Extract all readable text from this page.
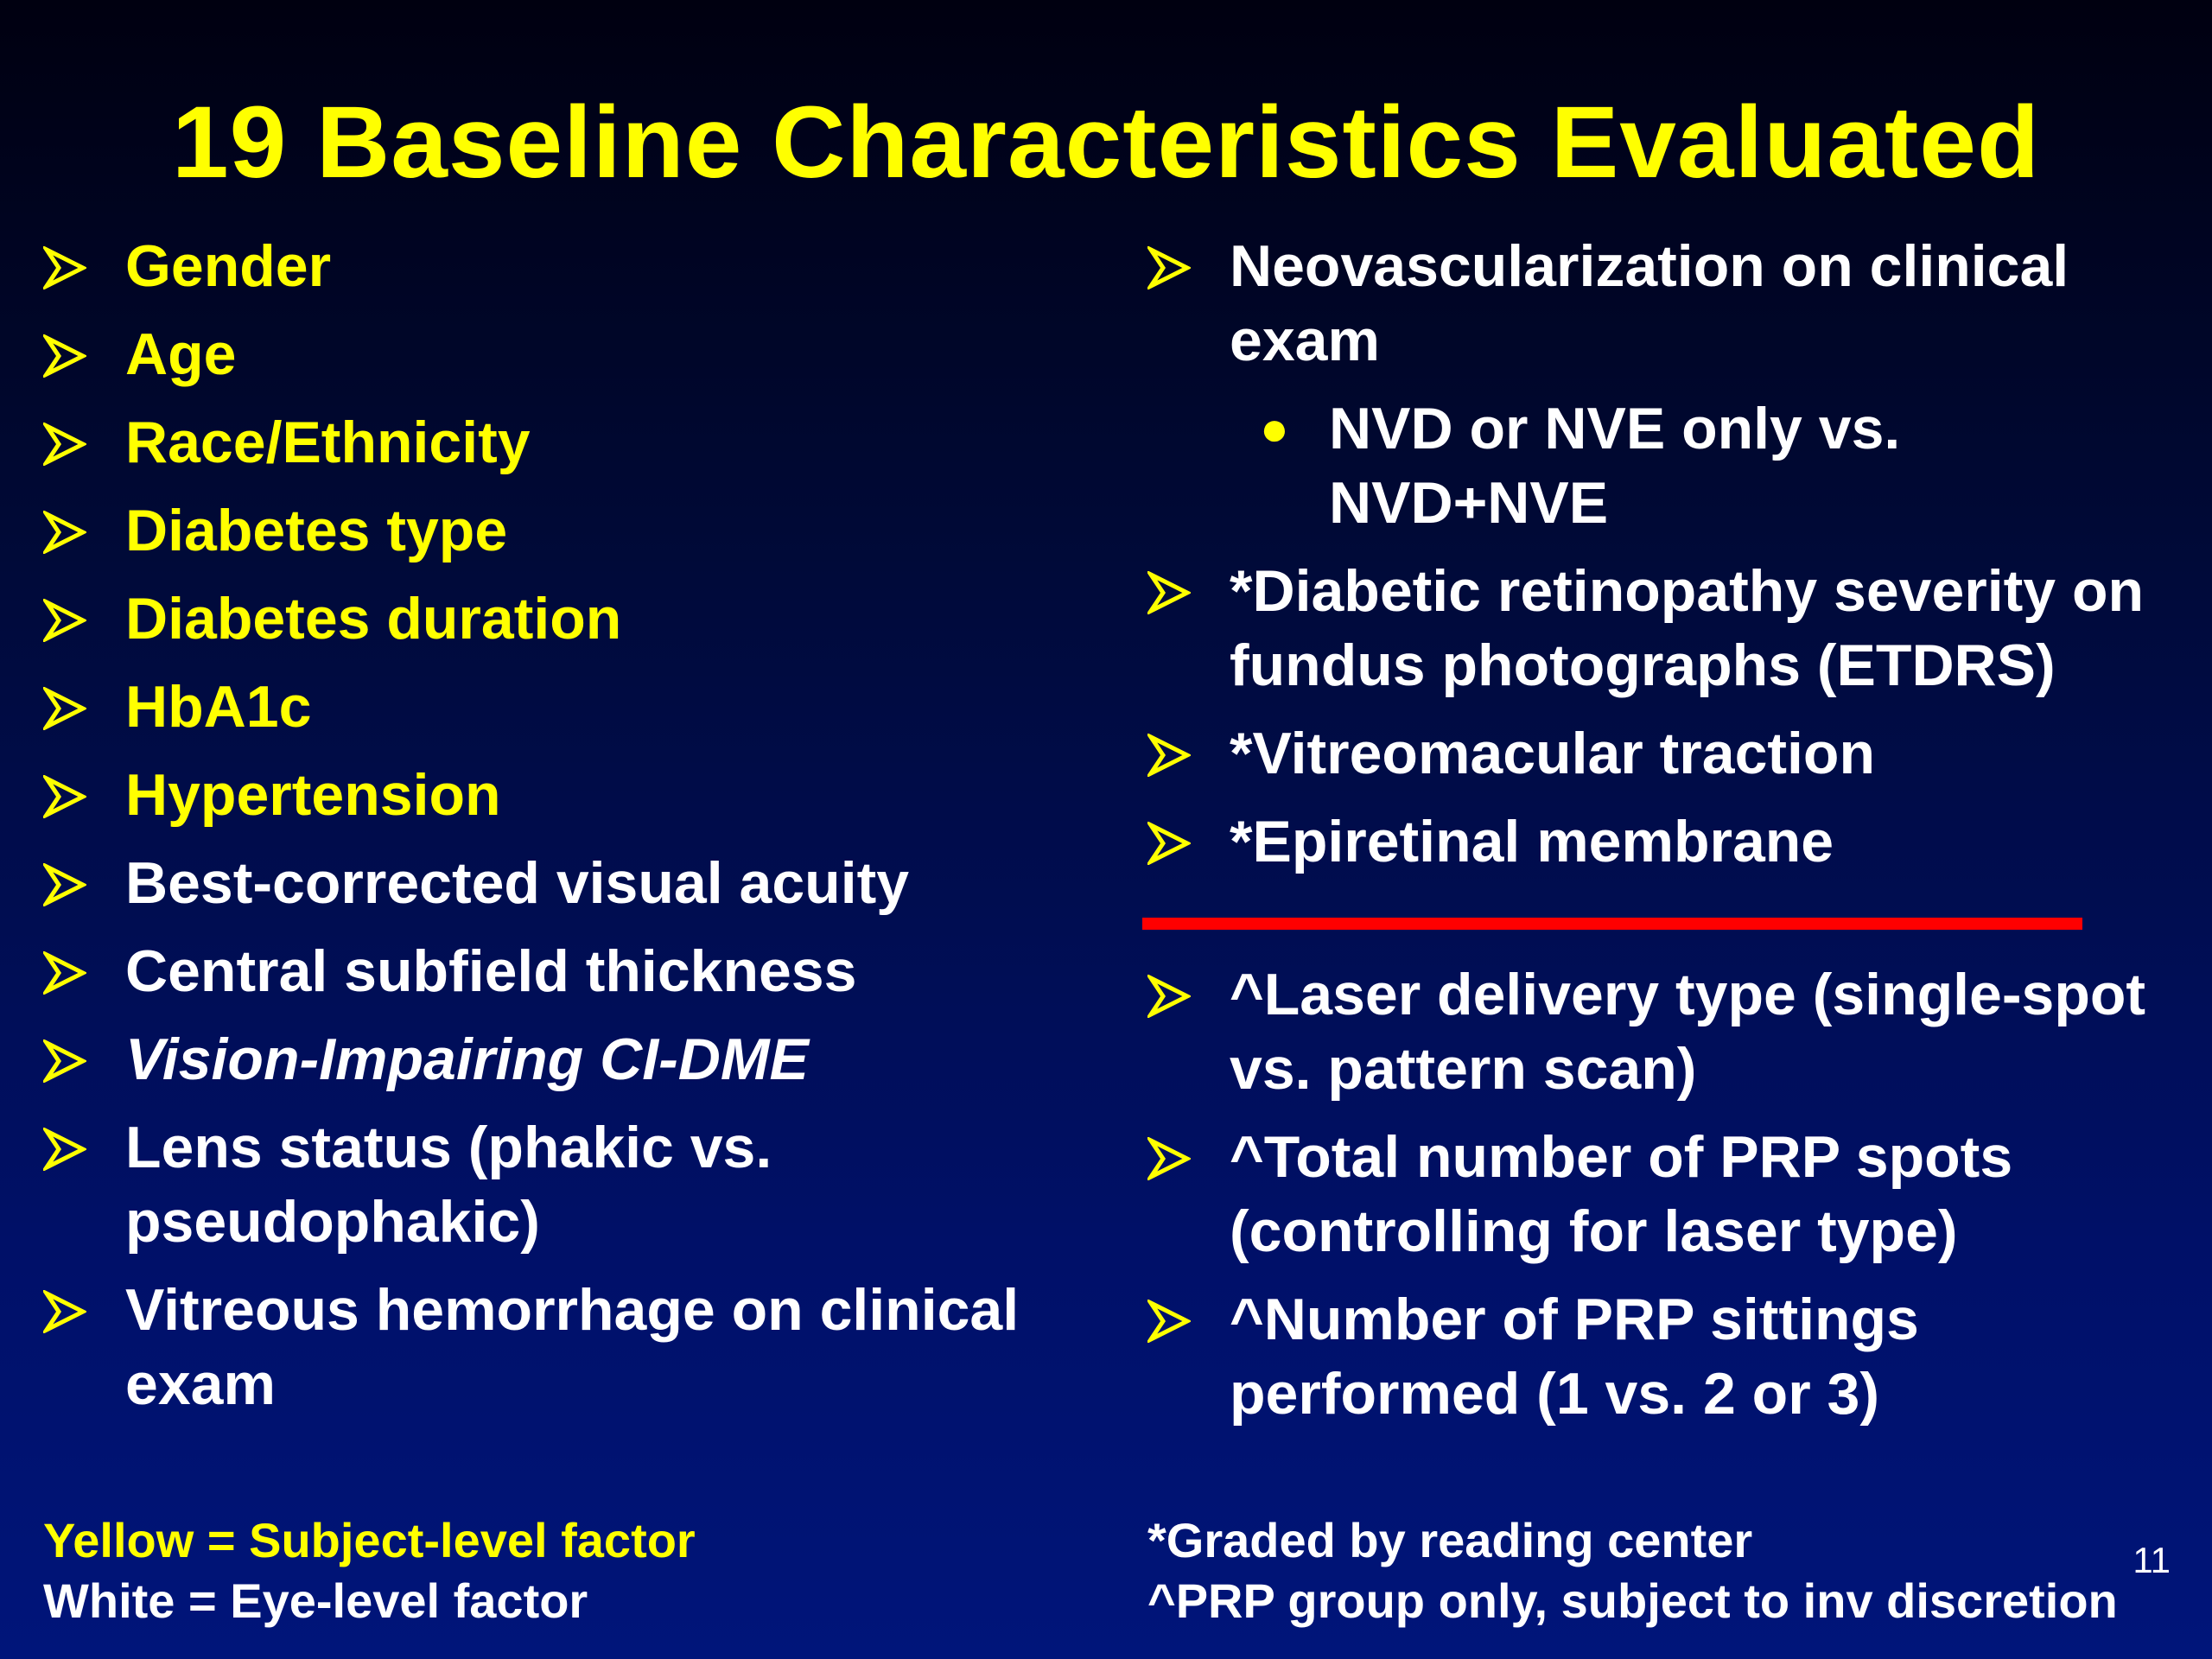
19 Baseline Characteristics Evaluated
Gender
Age
Race/Ethnicity
Diabetes type
Diabetes duration
HbA1c
Hypertension
Best-corrected visual acuity
Central subfield thickness
Vision-Impairing CI-DME
Lens status (phakic vs. pseudophakic)
Vitreous hemorrhage on clinical exam
Neovascularization on clinical exam
● NVD or NVE only vs. NVD+NVE
*Diabetic retinopathy severity on fundus photographs (ETDRS)
*Vitreomacular traction
*Epiretinal membrane
^Laser delivery type (single-spot vs. pattern scan)
^Total number of PRP spots (controlling for laser type)
^Number of PRP sittings performed (1 vs. 2 or 3)
Yellow = Subject-level factor
White = Eye-level factor
*Graded by reading center
^PRP group only, subject to inv discretion
11
